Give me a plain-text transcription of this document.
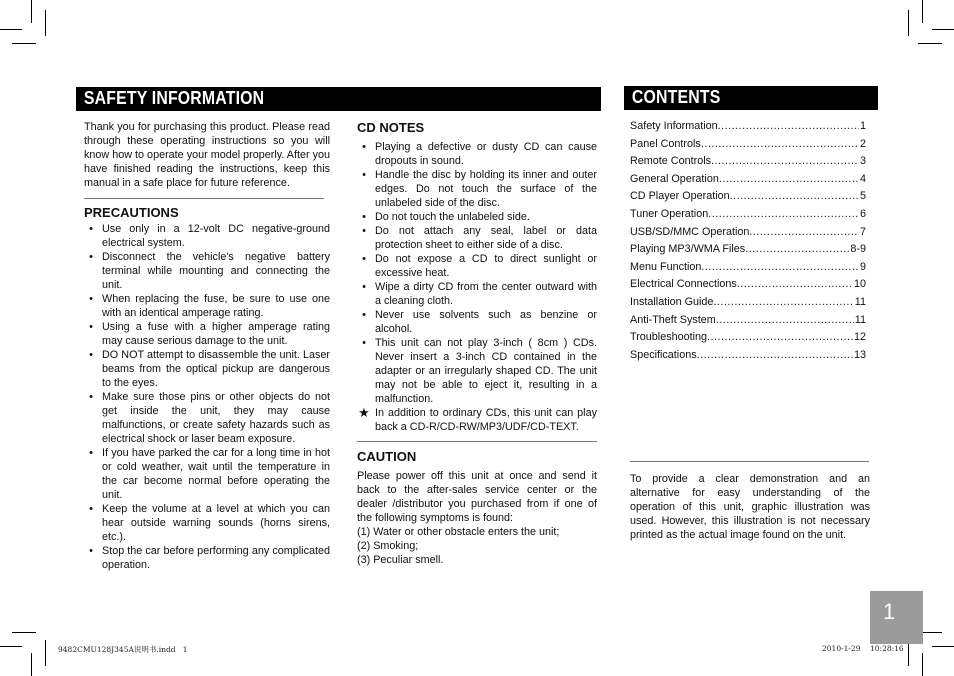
SAFETY INFORMATION	CONTENTS

Thank you for purchasing this product. Please read through these operating instructions so you will know how to operate your model properly. After you have finished reading the instructions, keep this manual in a safe place for future reference.

PRECAUTIONS
• Use only in a 12-volt DC negative-ground electrical system.
• Disconnect the vehicle's negative battery terminal while mounting and connecting the unit.
• When replacing the fuse, be sure to use one with an identical amperage rating.
• Using a fuse with a higher amperage rating may cause serious damage to the unit.
• DO NOT attempt to disassemble the unit. Laser beams from the optical pickup are dangerous to the eyes.
• Make sure those pins or other objects do not get inside the unit, they may cause malfunctions, or create safety hazards such as electrical shock or laser beam exposure.
• If you have parked the car for a long time in hot or cold weather, wait until the temperature in the car become normal before operating the unit.
• Keep the volume at a level at which you can hear outside warning sounds (horns sirens, etc.).
• Stop the car before performing any complicated operation.
CD NOTES
• Playing a defective or dusty CD can cause dropouts in sound.
• Handle the disc by holding its inner and outer edges. Do not touch the surface of the unlabeled side of the disc.
• Do not touch the unlabeled side.
• Do not attach any seal, label or data protection sheet to either side of a disc.
• Do not expose a CD to direct sunlight or excessive heat.
• Wipe a dirty CD from the center outward with a cleaning cloth.
• Never use solvents such as benzine or alcohol.
• This unit can not play 3-inch ( 8cm ) CDs. Never insert a 3-inch CD contained in the adapter or an irregularly shaped CD. The unit may not be able to eject it, resulting in a malfunction.
★ In addition to ordinary CDs, this unit can play back a CD-R/CD-RW/MP3/UDF/CD-TEXT.
CAUTION

Please power off this unit at once and send it back to the after-sales service center or the dealer /distributor you purchased from if one of the following symptoms is found:

(1) Water or other obstacle enters the unit;
(2) Smoking;
(3) Peculiar smell.
Safety Information .....	1
Panel Controls .....	2
Remote Controls .....	3
General Operation .....	4
CD Player Operation .....	5
Tuner Operation .....	6
USB/SD/MMC Operation .....	7
Playing MP3/WMA Files .....	8-9
Menu Function .....	9
Electrical Connections .....	10
Installation Guide .....	11
Anti-Theft System .....	11
Troubleshooting .....	12
Specifications .....	13

To provide a clear demonstration and an alternative for easy understanding of the operation of this unit, graphic illustration was used. However, this illustration is not necessary printed as the actual image found on the unit.

1
9482CMU128J345A说明书.indd   1	2010-1-29    10:28:16
